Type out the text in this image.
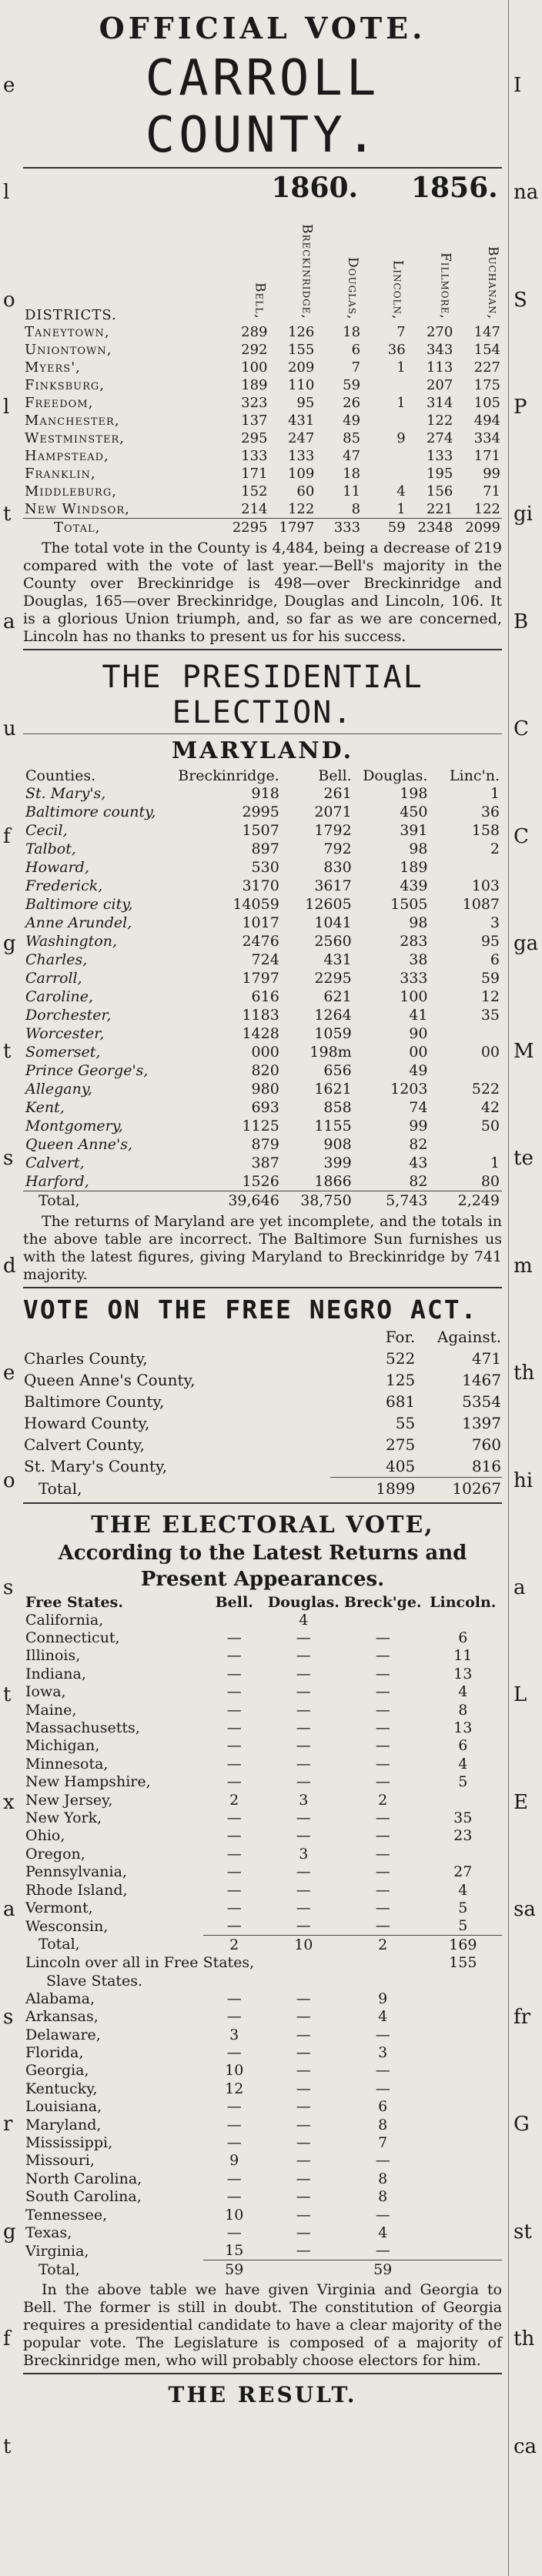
e
l
o
l
t
a
u
f
g
t
s
d
e
o
s
t
x
a
s
r
g
f
t
I
na
S
P
gi
B
C
C
ga
M
te
m
th
hi
a
L
E
sa
fr
G
st
th
ca
OFFICIAL VOTE.
CARROLL COUNTY.
	1860.				1856.	
DISTRICTS.	Bell,	Breckinridge,	Douglas,	Lincoln,	Fillmore,	Buchanan,
Taneytown,	289	126	18	7	270	147
Uniontown,	292	155	6	36	343	154
Myers',	100	209	7	1	113	227
Finksburg,	189	110	59		207	175
Freedom,	323	95	26	1	314	105
Manchester,	137	431	49		122	494
Westminster,	295	247	85	9	274	334
Hampstead,	133	133	47		133	171
Franklin,	171	109	18		195	99
Middleburg,	152	60	11	4	156	71
New Windsor,	214	122	8	1	221	122
Total,	2295	1797	333	59	2348	2099

The total vote in the County is 4,484, being a decrease of 219 compared with the vote of last year.—Bell's majority in the County over Breckinridge is 498—over Breckinridge and Douglas, 165—over Breckinridge, Douglas and Lincoln, 106. It is a glorious Union triumph, and, so far as we are concerned, Lincoln has no thanks to present us for his success.

THE PRESIDENTIAL ELECTION.
MARYLAND.
Counties.	Breckinridge.	Bell.	Douglas.	Linc'n.
St. Mary's,	918	261	198	1
Baltimore county,	2995	2071	450	36
Cecil,	1507	1792	391	158
Talbot,	897	792	98	2
Howard,	530	830	189	
Frederick,	3170	3617	439	103
Baltimore city,	14059	12605	1505	1087
Anne Arundel,	1017	1041	98	3
Washington,	2476	2560	283	95
Charles,	724	431	38	6
Carroll,	1797	2295	333	59
Caroline,	616	621	100	12
Dorchester,	1183	1264	41	35
Worcester,	1428	1059	90	
Somerset,	000	198m	00	00
Prince George's,	820	656	49	
Allegany,	980	1621	1203	522
Kent,	693	858	74	42
Montgomery,	1125	1155	99	50
Queen Anne's,	879	908	82	
Calvert,	387	399	43	1
Harford,	1526	1866	82	80
Total,	39,646	38,750	5,743	2,249

The returns of Maryland are yet incomplete, and the totals in the above table are incorrect. The Baltimore Sun furnishes us with the latest figures, giving Maryland to Breckinridge by 741 majority.

VOTE ON THE FREE NEGRO ACT.
	For.	Against.
Charles County,	522	471
Queen Anne's County,	125	1467
Baltimore County,	681	5354
Howard County,	55	1397
Calvert County,	275	760
St. Mary's County,	405	816
Total,	1899	10267
THE ELECTORAL VOTE,
According to the Latest Returns and
Present Appearances.
Free States.	Bell.	Douglas.	Breck'ge.	Lincoln.
California,		4		
Connecticut,	—	—	—	6
Illinois,	—	—	—	11
Indiana,	—	—	—	13
Iowa,	—	—	—	4
Maine,	—	—	—	8
Massachusetts,	—	—	—	13
Michigan,	—	—	—	6
Minnesota,	—	—	—	4
New Hampshire,	—	—	—	5
New Jersey,	2	3	2	
New York,	—	—	—	35
Ohio,	—	—	—	23
Oregon,	—	3	—	
Pennsylvania,	—	—	—	27
Rhode Island,	—	—	—	4
Vermont,	—	—	—	5
Wesconsin,	—	—	—	5
Total,	2	10	2	169
Lincoln over all in Free States,				155
Slave States.				
Alabama,	—	—	9	
Arkansas,	—	—	4	
Delaware,	3	—	—	
Florida,	—	—	3	
Georgia,	10	—	—	
Kentucky,	12	—	—	
Louisiana,	—	—	6	
Maryland,	—	—	8	
Mississippi,	—	—	7	
Missouri,	9	—	—	
North Carolina,	—	—	8	
South Carolina,	—	—	8	
Tennessee,	10	—	—	
Texas,	—	—	4	
Virginia,	15	—	—	
Total,	59		59	

In the above table we have given Virginia and Georgia to Bell. The former is still in doubt. The constitution of Georgia requires a presidential candidate to have a clear majority of the popular vote. The Legislature is composed of a majority of Breckinridge men, who will probably choose electors for him.

THE RESULT.
